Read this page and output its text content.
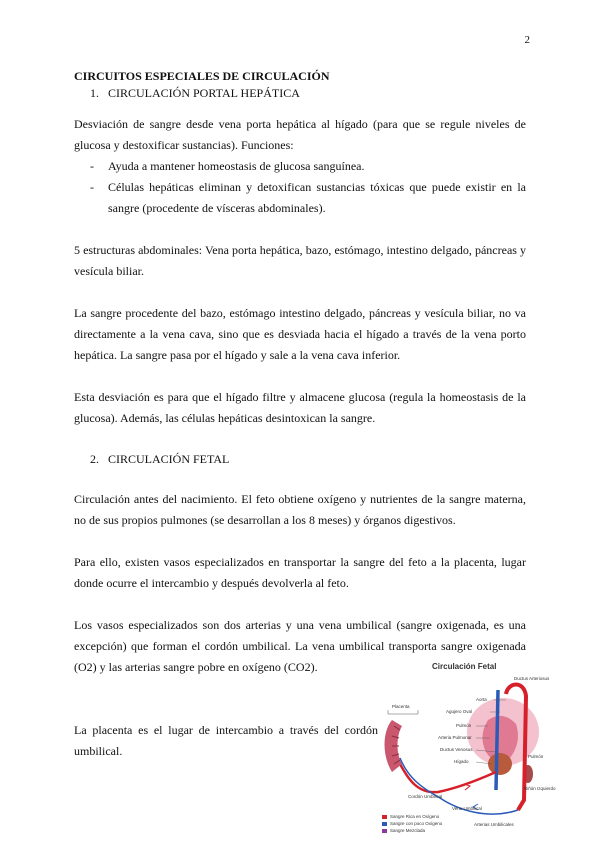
2
CIRCUITOS ESPECIALES DE CIRCULACIÓN
1. CIRCULACIÓN PORTAL HEPÁTICA

Desviación de sangre desde vena porta hepática al hígado (para que se regule niveles de glucosa y destoxificar sustancias). Funciones:

- Ayuda a mantener homeostasis de glucosa sanguínea.
- Células hepáticas eliminan y detoxifican sustancias tóxicas que puede existir en la sangre (procedente de vísceras abdominales).

5 estructuras abdominales: Vena porta hepática, bazo, estómago, intestino delgado, páncreas y vesícula biliar.

La sangre procedente del bazo, estómago intestino delgado, páncreas y vesícula biliar, no va directamente a la vena cava, sino que es desviada hacia el hígado a través de la vena porto hepática. La sangre pasa por el hígado y sale a la vena cava inferior.

Esta desviación es para que el hígado filtre y almacene glucosa (regula la homeostasis de la glucosa). Además, las células hepáticas desintoxican la sangre.

2. CIRCULACIÓN FETAL

Circulación antes del nacimiento. El feto obtiene oxígeno y nutrientes de la sangre materna, no de sus propios pulmones (se desarrollan a los 8 meses) y órganos digestivos.

Para ello, existen vasos especializados en transportar la sangre del feto a la placenta, lugar donde ocurre el intercambio y después devolverla al feto.

Los vasos especializados son dos arterias y una vena umbilical (sangre oxigenada, es una excepción) que forman el cordón umbilical. La vena umbilical transporta sangre oxigenada (O2) y las arterias sangre pobre en oxígeno (CO2).

La placenta es el lugar de intercambio a través del cordón umbilical.

Circulación Fetal
Ductus Arteriosus
Aorta
Agujero Oval
Pulmón
Arteria Pulmonar
Ductus Venosus
Hígado
Placenta
Cordón Umbilical
Vena Umbilical
Arterias Umbilicales
Pulmón
Riñón Izquierdo
Sangre Rica en Oxígeno
Sangre con poco Oxígeno
Sangre Mezclada
